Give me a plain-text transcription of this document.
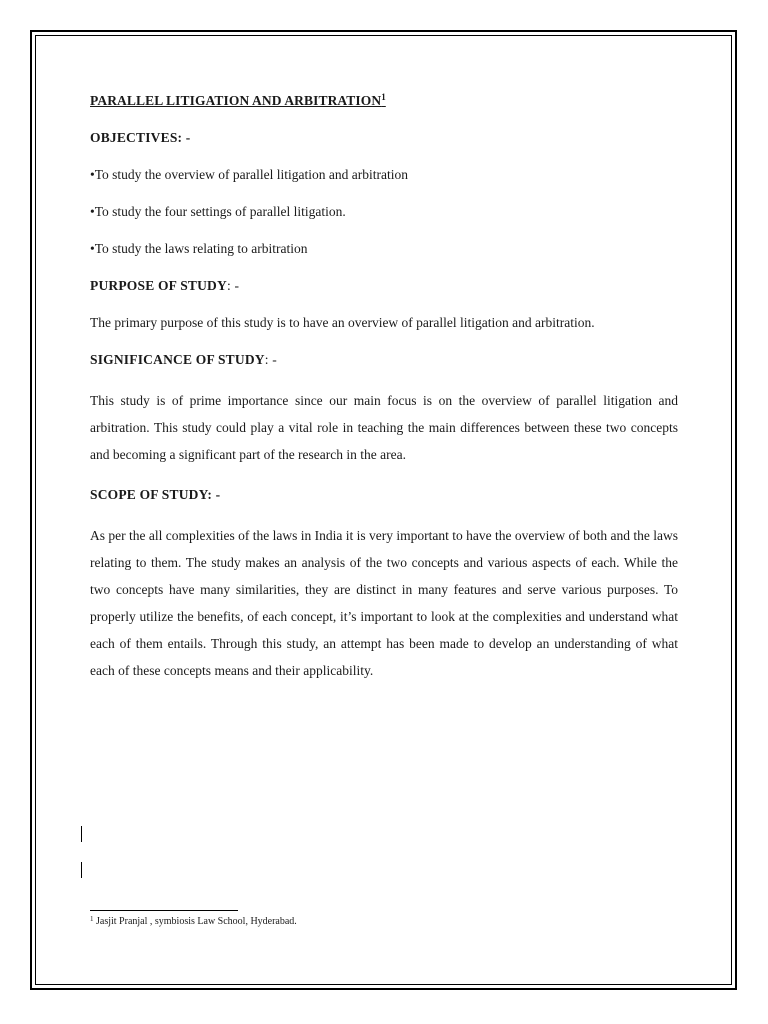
PARALLEL LITIGATION AND ARBITRATION$^1$
OBJECTIVES: -
•To study the overview of parallel litigation and arbitration
•To study the four settings of parallel litigation.
•To study the laws relating to arbitration
PURPOSE OF STUDY: -
The primary purpose of this study is to have an overview of parallel litigation and arbitration.
SIGNIFICANCE OF STUDY: -
This study is of prime importance since our main focus is on the overview of parallel litigation and arbitration. This study could play a vital role in teaching the main differences between these two concepts and becoming a significant part of the research in the area.
SCOPE OF STUDY: -
As per the all complexities of the laws in India it is very important to have the overview of both and the laws relating to them. The study makes an analysis of the two concepts and various aspects of each. While the two concepts have many similarities, they are distinct in many features and serve various purposes. To properly utilize the benefits, of each concept, it’s important to look at the complexities and understand what each of them entails. Through this study, an attempt has been made to develop an understanding of what each of these concepts means and their applicability.
$^1$ Jasjit Pranjal , symbiosis Law School, Hyderabad.
